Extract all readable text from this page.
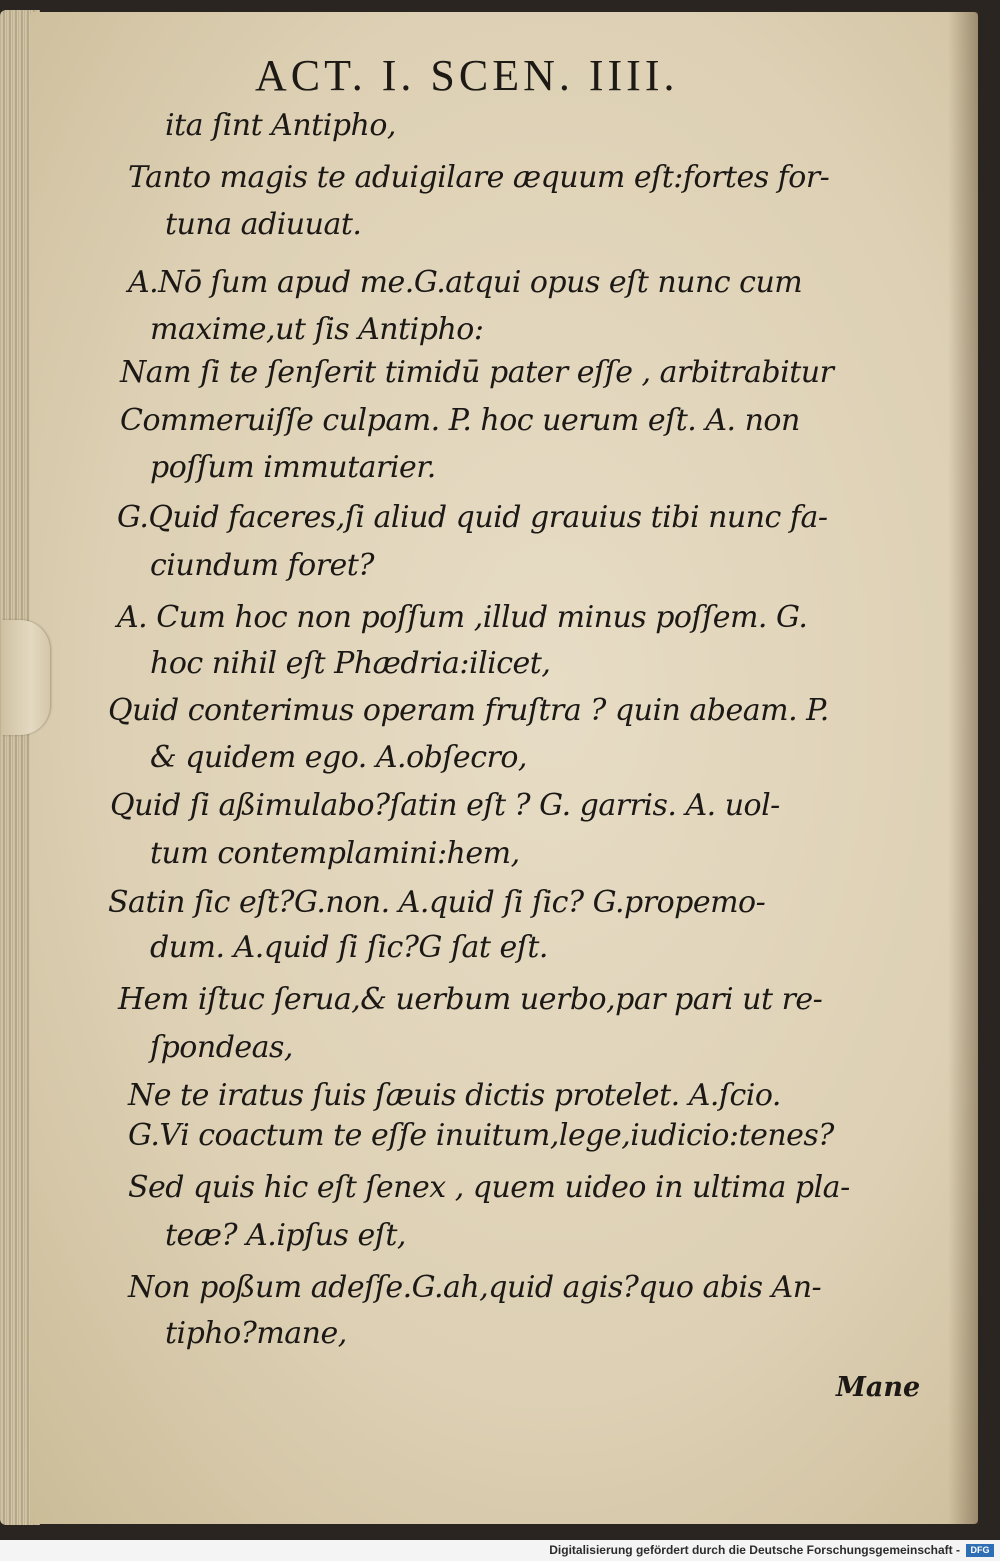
ACT. I. SCEN. IIII.
ita ſint Antipho,
Tanto magis te aduigilare æquum eſt:fortes for-
tuna adiuuat.
A.Nō ſum apud me.G.atqui opus eſt nunc cum
maxime,ut ſis Antipho:
Nam ſi te ſenſerit timidū pater eſſe , arbitrabitur
Commeruiſſe culpam. P. hoc uerum eſt. A. non
poſſum immutarier.
G.Quid faceres,ſi aliud quid grauius tibi nunc fa-
ciundum foret?
A. Cum hoc non poſſum ,illud minus poſſem. G.
hoc nihil eſt Phædria:ilicet,
Quid conterimus operam fruſtra ? quin abeam. P.
& quidem ego. A.obſecro,
Quid ſi aßimulabo?ſatin eſt ? G. garris. A. uol-
tum contemplamini:hem,
Satin ſic eſt?G.non. A.quid ſi ſic? G.propemo-
dum. A.quid ſi ſic?G ſat eſt.
Hem iſtuc ſerua,& uerbum uerbo,par pari ut re-
ſpondeas,
Ne te iratus ſuis ſæuis dictis protelet. A.ſcio.
G.Vi coactum te eſſe inuitum,lege,iudicio:tenes?
Sed quis hic eſt ſenex , quem uideo in ultima pla-
teæ? A.ipſus eſt,
Non poßum adeſſe.G.ah,quid agis?quo abis An-
tipho?mane,
Mane
Digitalisierung gefördert durch die Deutsche Forschungsgemeinschaft -	DFG
